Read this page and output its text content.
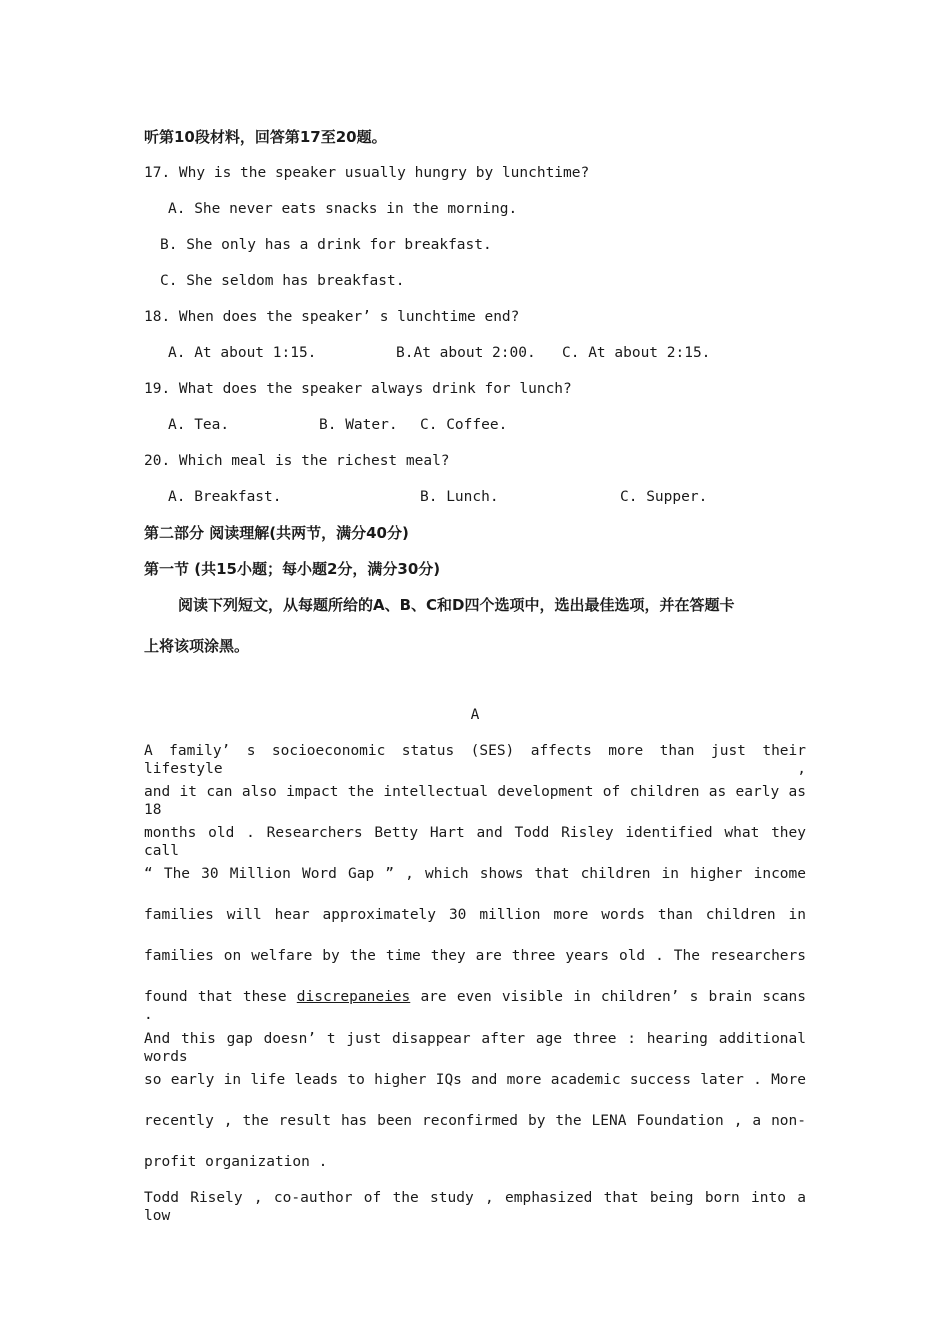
听第10段材料，回答第17至20题。
17. Why is the speaker usually hungry by lunchtime?
A. She never eats snacks in the morning.
B. She only has a drink for breakfast.
C. She seldom has breakfast.
18. When does the speaker’ s lunchtime end?
A. At about 1:15.	B.At about 2:00. C. At about 2:15.
19. What does the speaker always drink for lunch?
A. Tea.	B. Water. C. Coffee.
20. Which meal is the richest meal?
A. Breakfast.	B. Lunch.	C. Supper.
第二部分 阅读理解(共两节，满分40分)
第一节 (共15小题；每小题2分，满分30分)
阅读下列短文，从每题所给的A、B、C和D四个选项中，选出最佳选项，并在答题卡
上将该项涂黑。
A
A family’ s socioeconomic status (SES) affects more than just their lifestyle ,
and it can also impact the intellectual development of children as early as 18
months old . Researchers Betty Hart and Todd Risley identified what they call
“ The 30 Million Word Gap ” , which shows that children in higher income
families will hear approximately 30 million more words than children in
families on welfare by the time they are three years old . The researchers
found that these discrepaneies are even visible in children’ s brain scans .
And this gap doesn’ t just disappear after age three : hearing additional words
so early in life leads to higher IQs and more academic success later . More
recently , the result has been reconfirmed by the LENA Foundation , a non-
profit organization .
Todd Risely , co-author of the study , emphasized that being born into a low
